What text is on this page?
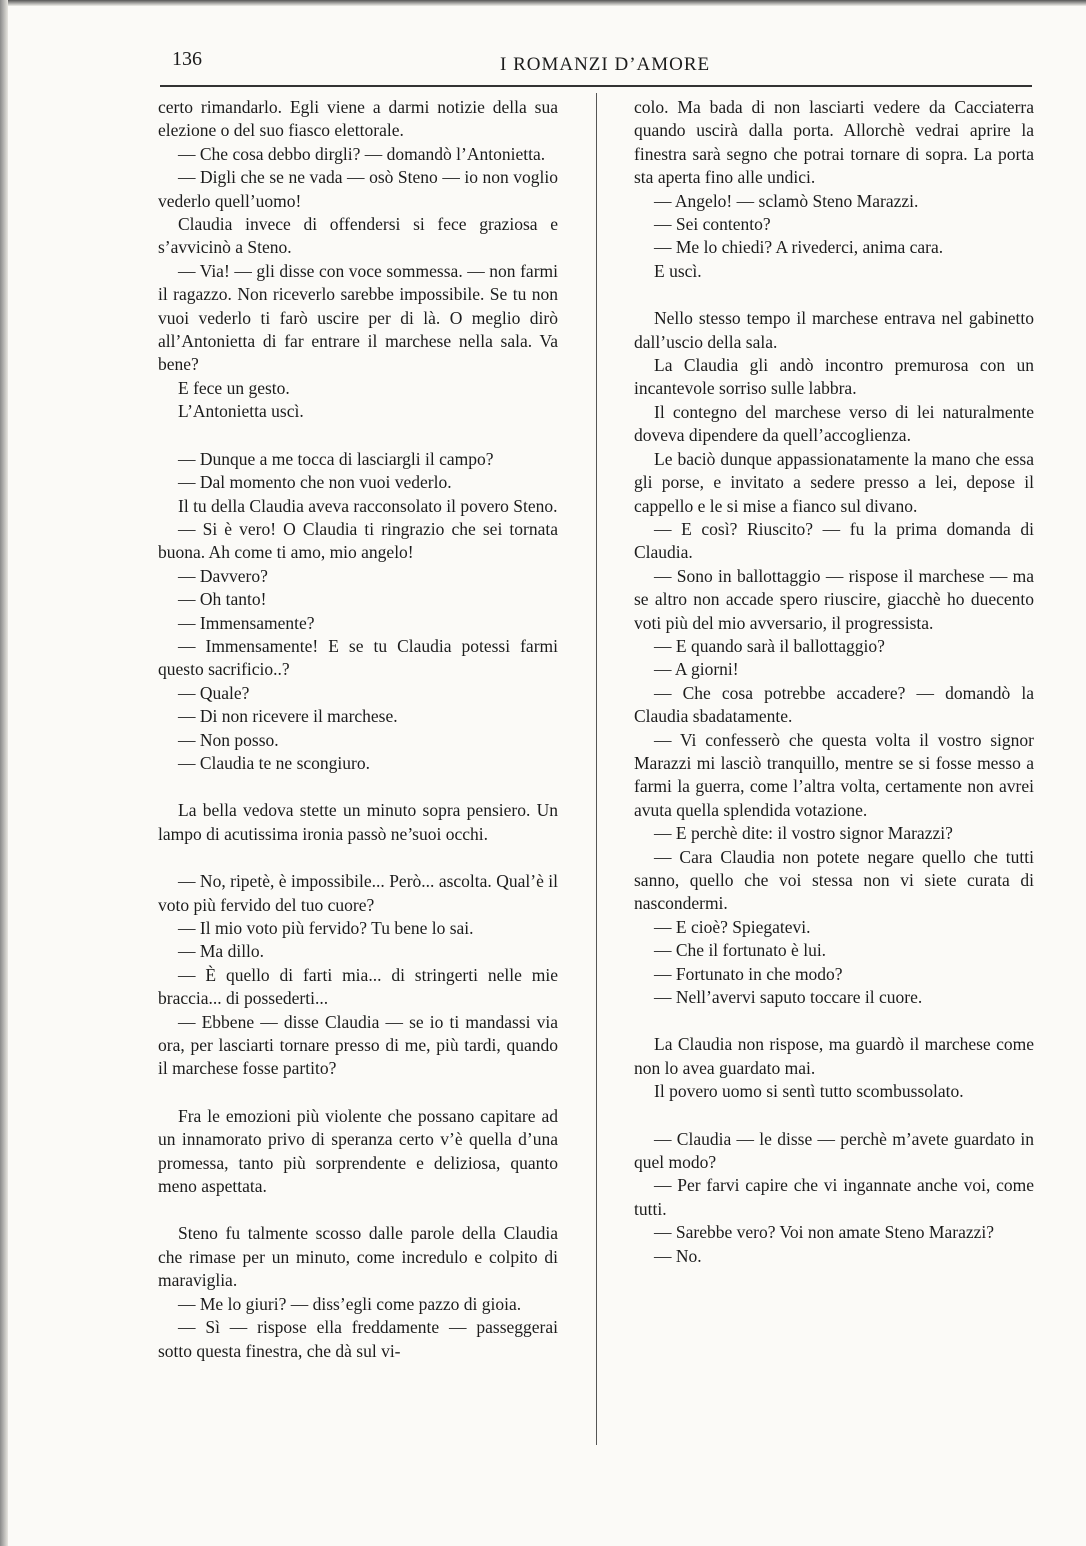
136	I ROMANZI D’AMORE

certo rimandarlo. Egli viene a darmi notizie della sua elezione o del suo fiasco elettorale.

— Che cosa debbo dirgli? — domandò l’Antonietta.

— Digli che se ne vada — osò Steno — io non voglio vederlo quell’uomo!

Claudia invece di offendersi si fece graziosa e s’avvicinò a Steno.

— Via! — gli disse con voce sommessa. — non farmi il ragazzo. Non riceverlo sarebbe impossibile. Se tu non vuoi vederlo ti farò uscire per di là. O meglio dirò all’Antonietta di far entrare il marchese nella sala. Va bene?

E fece un gesto.

L’Antonietta uscì.

— Dunque a me tocca di lasciargli il campo?

— Dal momento che non vuoi vederlo.

Il tu della Claudia aveva racconsolato il povero Steno.

— Si è vero! O Claudia ti ringrazio che sei tornata buona. Ah come ti amo, mio angelo!

— Davvero?

— Oh tanto!

— Immensamente?

— Immensamente! E se tu Claudia potessi farmi questo sacrificio..?

— Quale?

— Di non ricevere il marchese.

— Non posso.

— Claudia te ne scongiuro.

La bella vedova stette un minuto sopra pensiero. Un lampo di acutissima ironia passò ne’suoi occhi.

— No, ripetè, è impossibile... Però... ascolta. Qual’è il voto più fervido del tuo cuore?

— Il mio voto più fervido? Tu bene lo sai.

— Ma dillo.

— È quello di farti mia... di stringerti nelle mie braccia... di possederti...

— Ebbene — disse Claudia — se io ti mandassi via ora, per lasciarti tornare presso di me, più tardi, quando il marchese fosse partito?

Fra le emozioni più violente che possano capitare ad un innamorato privo di speranza certo v’è quella d’una promessa, tanto più sorprendente e deliziosa, quanto meno aspettata.

Steno fu talmente scosso dalle parole della Claudia che rimase per un minuto, come incredulo e colpito di maraviglia.

— Me lo giuri? — diss’egli come pazzo di gioia.

— Sì — rispose ella freddamente — passeggerai sotto questa finestra, che dà sul vi-

colo. Ma bada di non lasciarti vedere da Cacciaterra quando uscirà dalla porta. Allorchè vedrai aprire la finestra sarà segno che potrai tornare di sopra. La porta sta aperta fino alle undici.

— Angelo! — sclamò Steno Marazzi.

— Sei contento?

— Me lo chiedi? A rivederci, anima cara.

E uscì.

Nello stesso tempo il marchese entrava nel gabinetto dall’uscio della sala.

La Claudia gli andò incontro premurosa con un incantevole sorriso sulle labbra.

Il contegno del marchese verso di lei naturalmente doveva dipendere da quell’accoglienza.

Le baciò dunque appassionatamente la mano che essa gli porse, e invitato a sedere presso a lei, depose il cappello e le si mise a fianco sul divano.

— E così? Riuscito? — fu la prima domanda di Claudia.

— Sono in ballottaggio — rispose il marchese — ma se altro non accade spero riuscire, giacchè ho duecento voti più del mio avversario, il progressista.

— E quando sarà il ballottaggio?

— A giorni!

— Che cosa potrebbe accadere? — domandò la Claudia sbadatamente.

— Vi confesserò che questa volta il vostro signor Marazzi mi lasciò tranquillo, mentre se si fosse messo a farmi la guerra, come l’altra volta, certamente non avrei avuta quella splendida votazione.

— E perchè dite: il vostro signor Marazzi?

— Cara Claudia non potete negare quello che tutti sanno, quello che voi stessa non vi siete curata di nascondermi.

— E cioè? Spiegatevi.

— Che il fortunato è lui.

— Fortunato in che modo?

— Nell’avervi saputo toccare il cuore.

La Claudia non rispose, ma guardò il marchese come non lo avea guardato mai.

Il povero uomo si sentì tutto scombussolato.

— Claudia — le disse — perchè m’avete guardato in quel modo?

— Per farvi capire che vi ingannate anche voi, come tutti.

— Sarebbe vero? Voi non amate Steno Marazzi?

— No.
